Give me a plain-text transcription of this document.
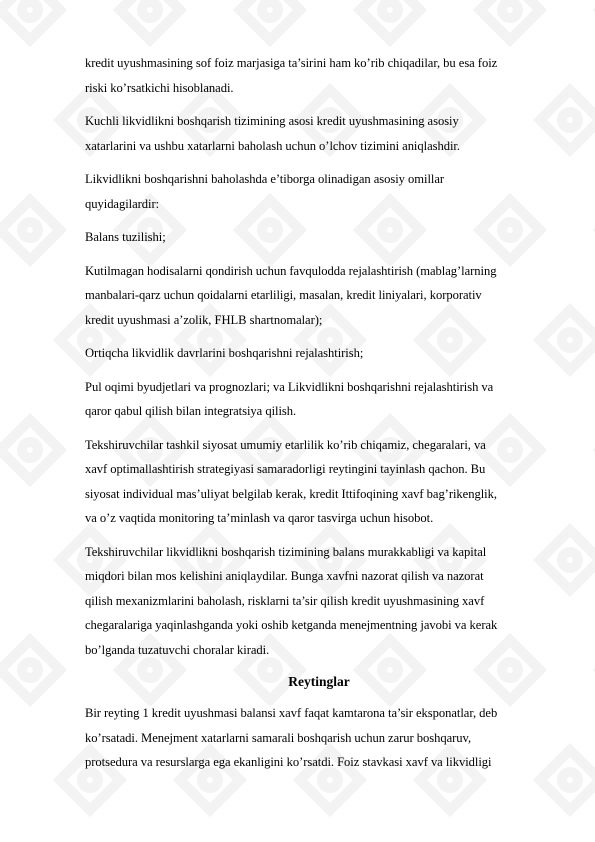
kredit uyushmasining sof foiz marjasiga ta’sirini ham ko’rib chiqadilar, bu esa foiz
riski ko’rsatkichi hisoblanadi.
Kuchli likvidlikni boshqarish tizimining asosi kredit uyushmasining asosiy
xatarlarini va ushbu xatarlarni baholash uchun o’lchov tizimini aniqlashdir.
Likvidlikni boshqarishni baholashda e’tiborga olinadigan asosiy omillar
quyidagilardir:
Balans tuzilishi;
Kutilmagan hodisalarni qondirish uchun favqulodda rejalashtirish (mablag’larning
manbalari-qarz uchun qoidalarni etarliligi, masalan, kredit liniyalari, korporativ
kredit uyushmasi a’zolik, FHLB shartnomalar);
Ortiqcha likvidlik davrlarini boshqarishni rejalashtirish;
Pul oqimi byudjetlari va prognozlari; va Likvidlikni boshqarishni rejalashtirish va
qaror qabul qilish bilan integratsiya qilish.
Tekshiruvchilar tashkil siyosat umumiy etarlilik ko’rib chiqamiz, chegaralari, va
xavf optimallashtirish strategiyasi samaradorligi reytingini tayinlash qachon. Bu
siyosat individual mas’uliyat belgilab kerak, kredit Ittifoqining xavf bag’rikenglik,
va o’z vaqtida monitoring ta’minlash va qaror tasvirga uchun hisobot.
Tekshiruvchilar likvidlikni boshqarish tizimining balans murakkabligi va kapital
miqdori bilan mos kelishini aniqlaydilar. Bunga xavfni nazorat qilish va nazorat
qilish mexanizmlarini baholash, risklarni ta’sir qilish kredit uyushmasining xavf
chegaralariga yaqinlashganda yoki oshib ketganda menejmentning javobi va kerak
bo’lganda tuzatuvchi choralar kiradi.
Reytinglar
Bir reyting 1 kredit uyushmasi balansi xavf faqat kamtarona ta’sir eksponatlar, deb
ko’rsatadi. Menejment xatarlarni samarali boshqarish uchun zarur boshqaruv,
protsedura va resurslarga ega ekanligini ko’rsatdi. Foiz stavkasi xavf va likvidligi
